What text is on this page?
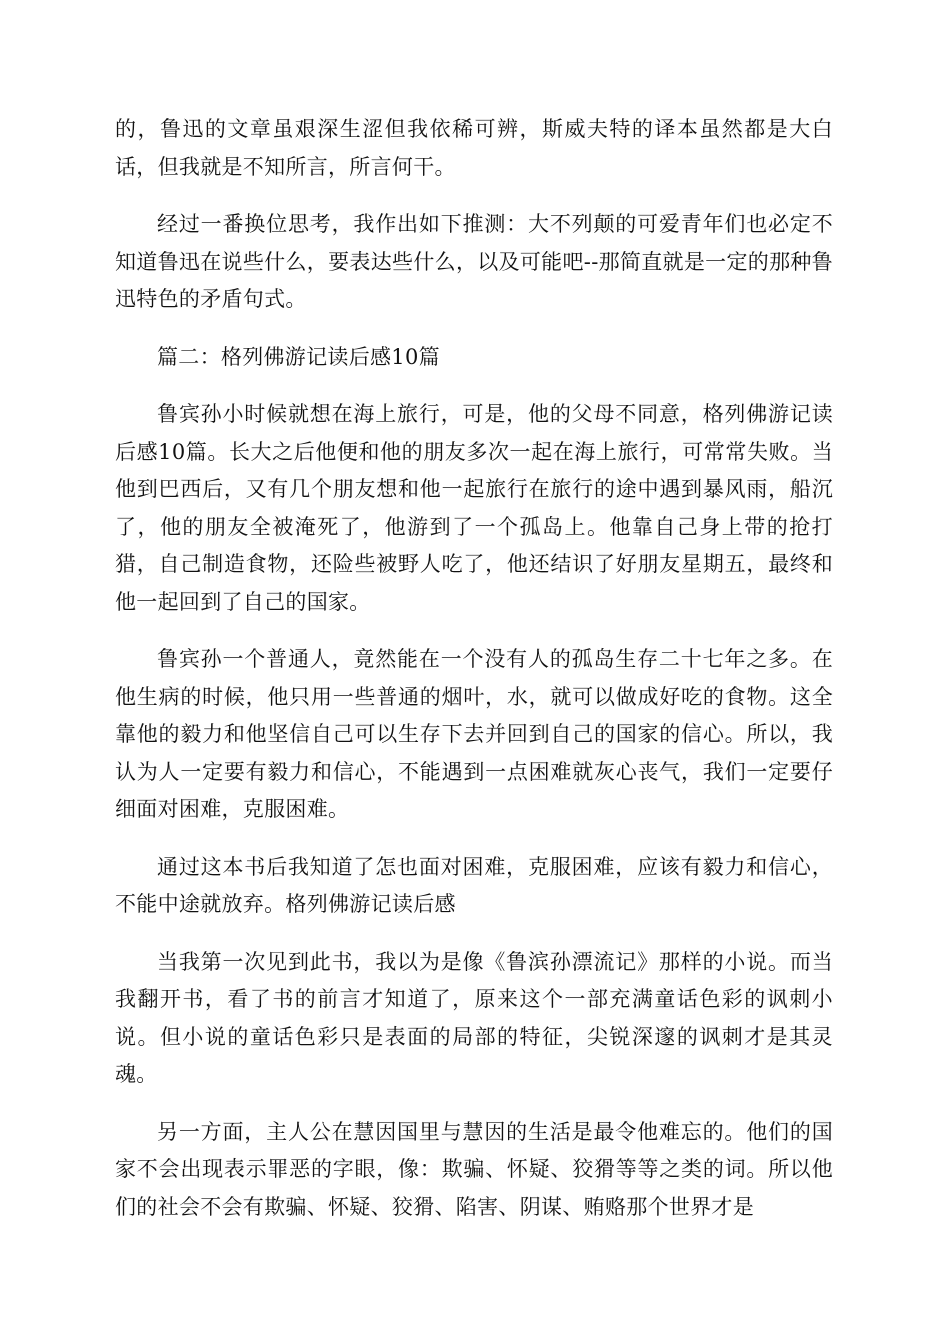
的，鲁迅的文章虽艰深生涩但我依稀可辨，斯威夫特的译本虽然都是大白话，但我就是不知所言，所言何干。

经过一番换位思考，我作出如下推测：大不列颠的可爱青年们也必定不知道鲁迅在说些什么，要表达些什么，以及可能吧--那简直就是一定的那种鲁迅特色的矛盾句式。

篇二：格列佛游记读后感10篇

鲁宾孙小时候就想在海上旅行，可是，他的父母不同意，格列佛游记读后感10篇。长大之后他便和他的朋友多次一起在海上旅行，可常常失败。当他到巴西后，又有几个朋友想和他一起旅行在旅行的途中遇到暴风雨，船沉了，他的朋友全被淹死了，他游到了一个孤岛上。他靠自己身上带的抢打猎，自己制造食物，还险些被野人吃了，他还结识了好朋友星期五，最终和他一起回到了自己的国家。

鲁宾孙一个普通人，竟然能在一个没有人的孤岛生存二十七年之多。在他生病的时候，他只用一些普通的烟叶，水，就可以做成好吃的食物。这全靠他的毅力和他坚信自己可以生存下去并回到自己的国家的信心。所以，我认为人一定要有毅力和信心，不能遇到一点困难就灰心丧气，我们一定要仔细面对困难，克服困难。

通过这本书后我知道了怎也面对困难，克服困难，应该有毅力和信心，不能中途就放弃。格列佛游记读后感

当我第一次见到此书，我以为是像《鲁滨孙漂流记》那样的小说。而当我翻开书，看了书的前言才知道了，原来这个一部充满童话色彩的讽刺小说。但小说的童话色彩只是表面的局部的特征，尖锐深邃的讽刺才是其灵魂。

另一方面，主人公在慧因国里与慧因的生活是最令他难忘的。他们的国家不会出现表示罪恶的字眼，像：欺骗、怀疑、狡猾等等之类的词。所以他们的社会不会有欺骗、怀疑、狡猾、陷害、阴谋、贿赂那个世界才是
